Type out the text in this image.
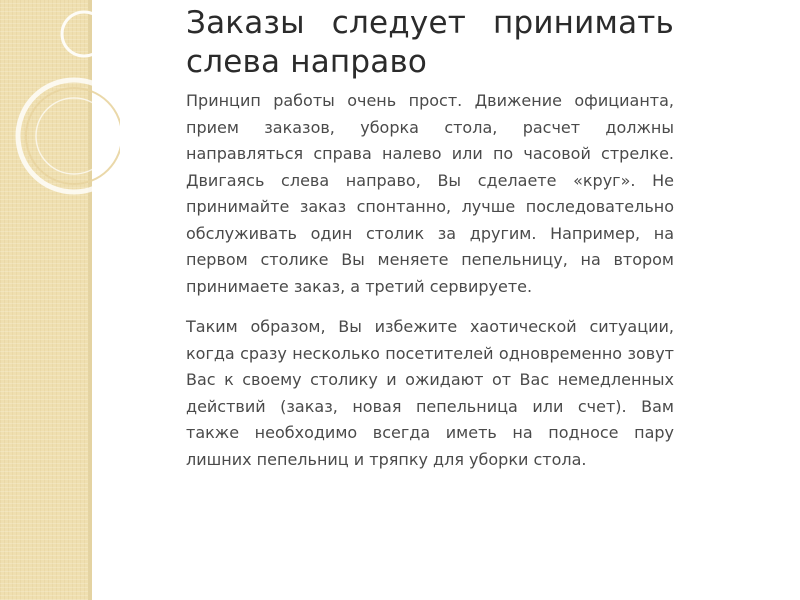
Заказы следует принимать слева направо

Принцип работы очень прост. Движение официанта, прием заказов, уборка стола, расчет должны направляться справа налево или по часовой стрелке. Двигаясь слева направо, Вы сделаете «круг». Не принимайте заказ спонтанно, лучше последовательно обслуживать один столик за другим. Например, на первом столике Вы меняете пепельницу, на втором принимаете заказ, а третий сервируете.

Таким образом, Вы избежите хаотической ситуации, когда сразу несколько посетителей одновременно зовут Вас к своему столику и ожидают от Вас немедленных действий (заказ, новая пепельница или счет). Вам также необходимо всегда иметь на подносе пару лишних пепельниц и тряпку для уборки стола.
